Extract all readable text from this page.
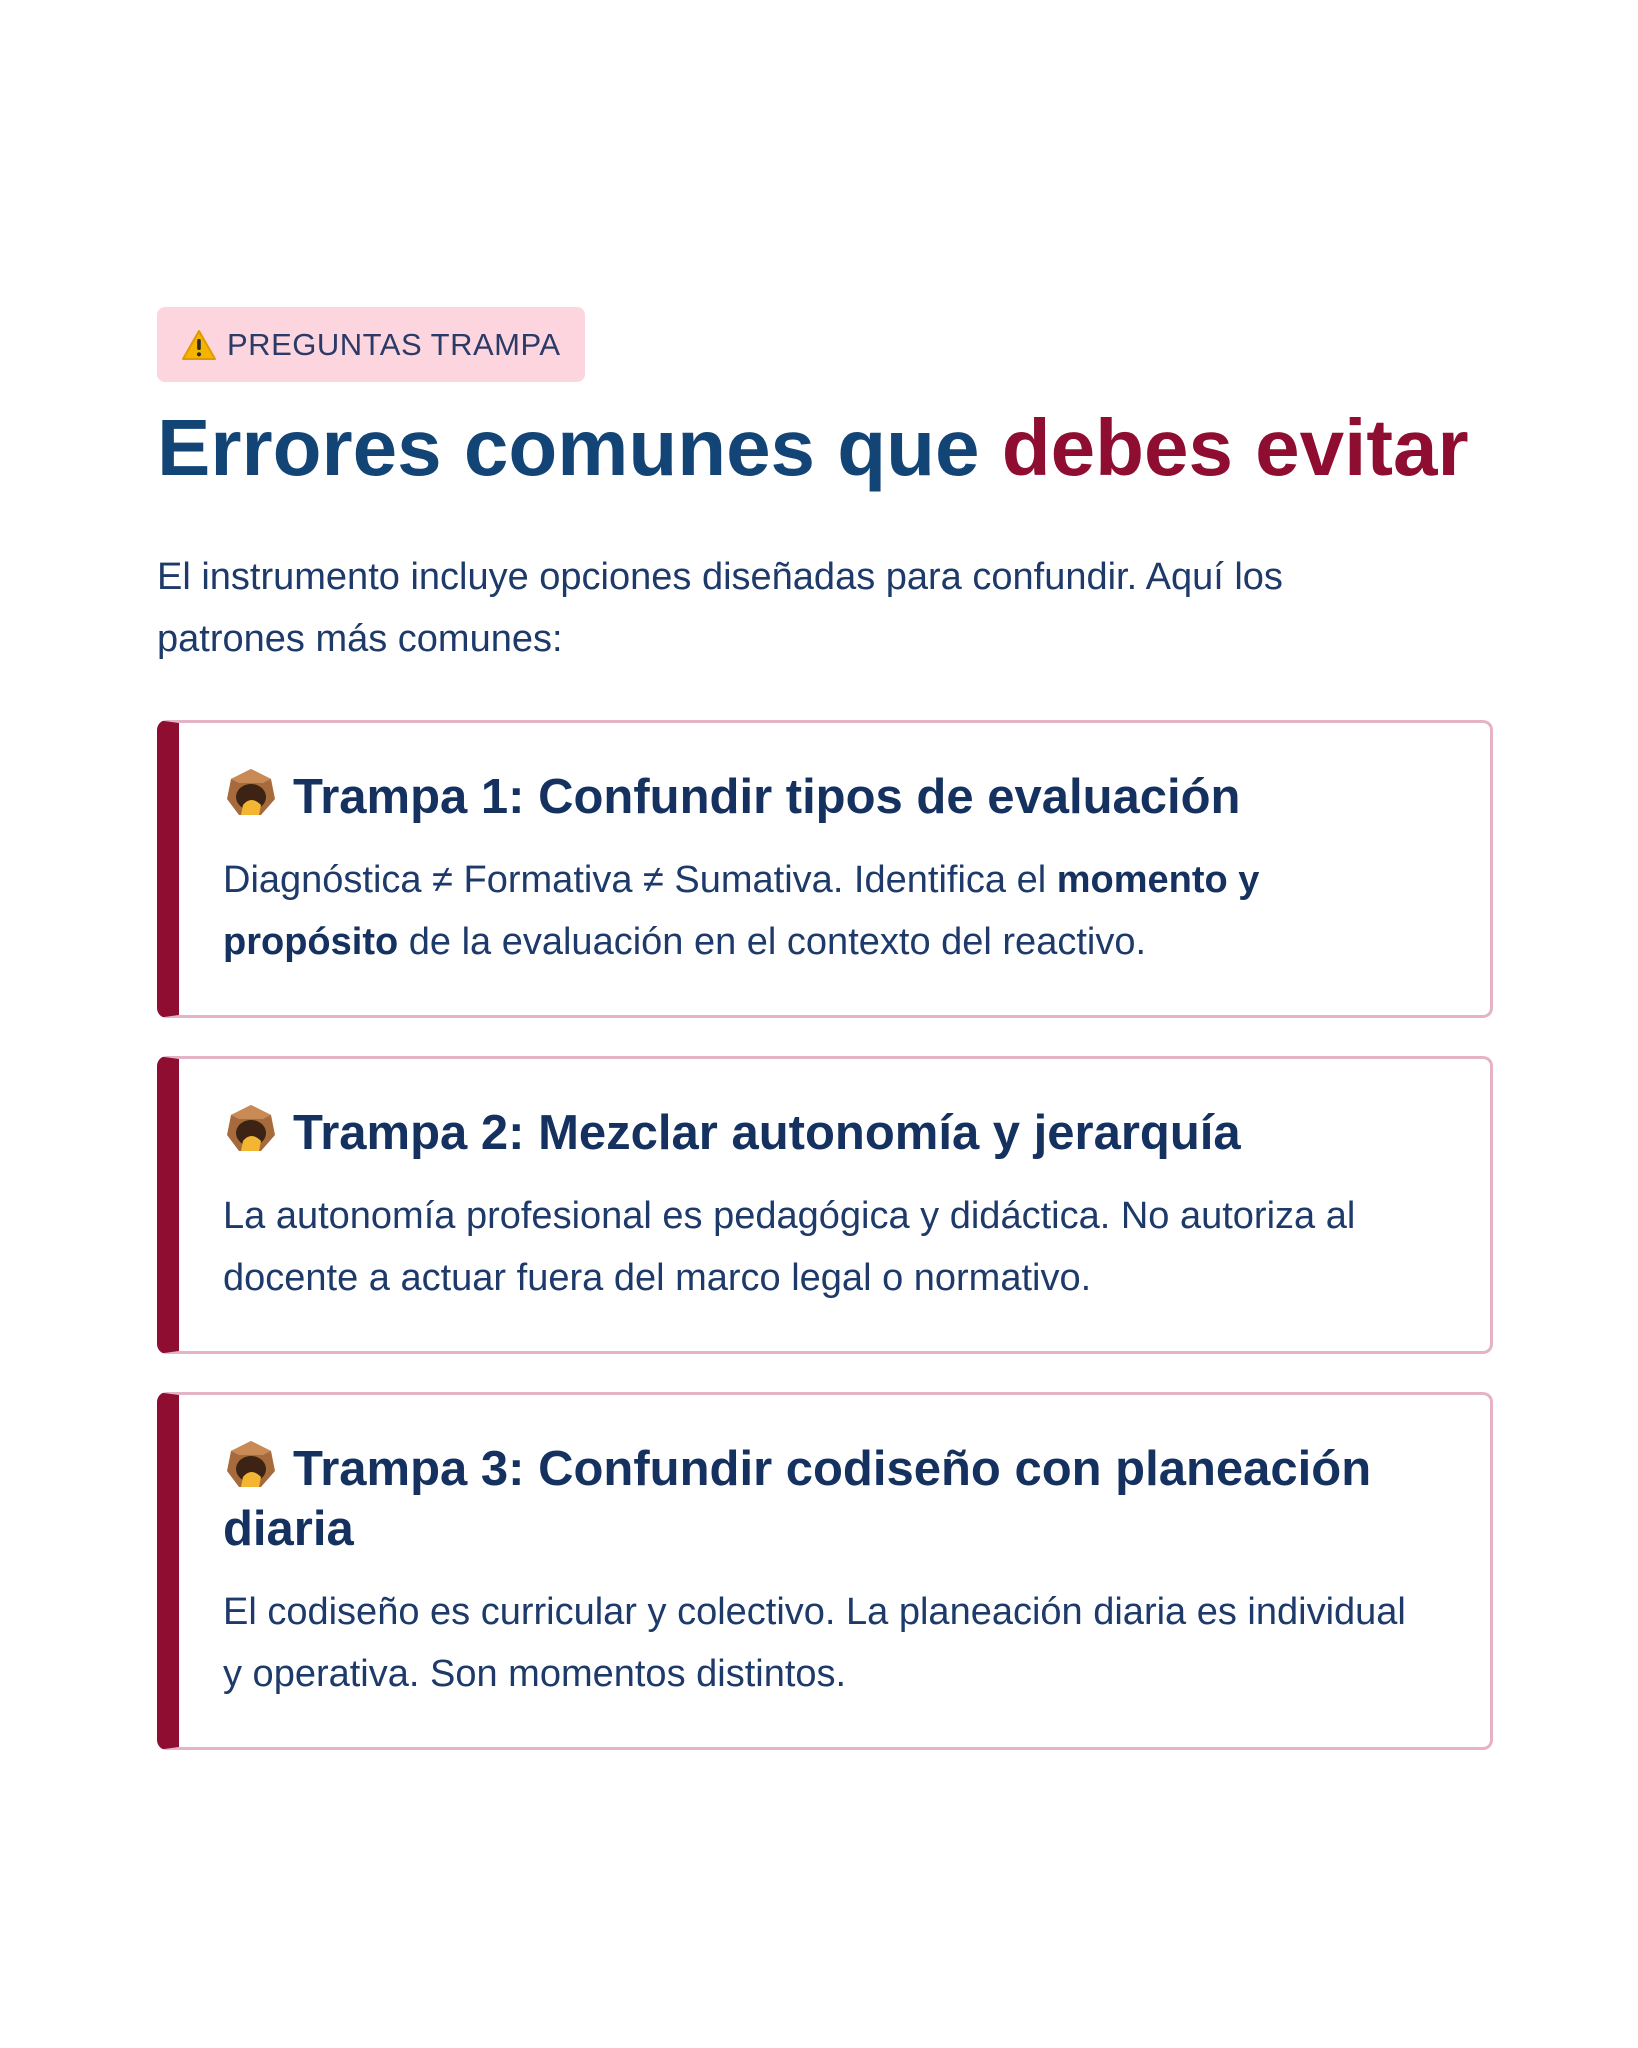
PREGUNTAS TRAMPA
Errores comunes que debes evitar

El instrumento incluye opciones diseñadas para confundir. Aquí los patrones más comunes:

Trampa 1: Confundir tipos de evaluación

Diagnóstica ≠ Formativa ≠ Sumativa. Identifica el momento y propósito de la evaluación en el contexto del reactivo.

Trampa 2: Mezclar autonomía y jerarquía

La autonomía profesional es pedagógica y didáctica. No autoriza al docente a actuar fuera del marco legal o normativo.

Trampa 3: Confundir codiseño con planeación diaria

El codiseño es curricular y colectivo. La planeación diaria es individual y operativa. Son momentos distintos.
